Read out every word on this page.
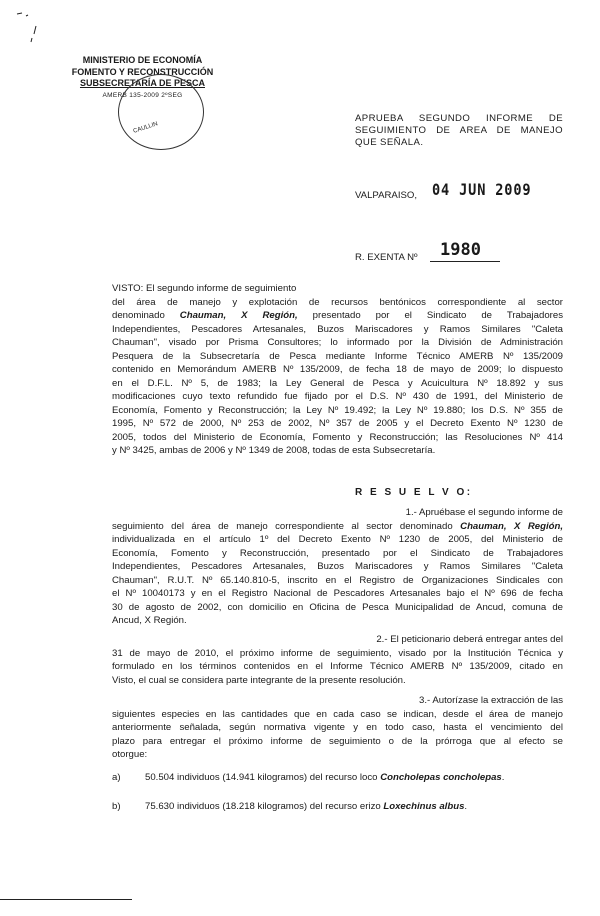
MINISTERIO DE ECONOMÍA
FOMENTO Y RECONSTRUCCIÓN
SUBSECRETARÍA DE PESCA
AMERB 135-2009 2ºSEG
CAULLIN
APRUEBA SEGUNDO INFORME DE
SEGUIMIENTO DE AREA DE MANEJO
QUE SEÑALA.
VALPARAISO, 04 JUN 2009
R. EXENTA Nº 1980
VISTO: El segundo informe de seguimiento
del área de manejo y explotación de recursos bentónicos correspondiente al sector
denominado Chauman, X Región, presentado por el Sindicato de Trabajadores
Independientes, Pescadores Artesanales, Buzos Mariscadores y Ramos Similares "Caleta
Chauman", visado por Prisma Consultores; lo informado por la División de Administración
Pesquera de la Subsecretaría de Pesca mediante Informe Técnico AMERB Nº 135/2009
contenido en Memorándum AMERB Nº 135/2009, de fecha 18 de mayo de 2009; lo dispuesto
en el D.F.L. Nº 5, de 1983; la Ley General de Pesca y Acuicultura Nº 18.892 y sus
modificaciones cuyo texto refundido fue fijado por el D.S. Nº 430 de 1991, del Ministerio de
Economía, Fomento y Reconstrucción; la Ley Nº 19.492; la Ley Nº 19.880; los D.S. Nº 355 de
1995, Nº 572 de 2000, Nº 253 de 2002, Nº 357 de 2005 y el Decreto Exento Nº 1230 de
2005, todos del Ministerio de Economía, Fomento y Reconstrucción; las Resoluciones Nº 414
y Nº 3425, ambas de 2006 y Nº 1349 de 2008, todas de esta Subsecretaría.
R E S U E L V O:
1.- Apruébase el segundo informe de
seguimiento del área de manejo correspondiente al sector denominado Chauman, X Región,
individualizada en el artículo 1º del Decreto Exento Nº 1230 de 2005, del Ministerio de
Economía, Fomento y Reconstrucción, presentado por el Sindicato de Trabajadores
Independientes, Pescadores Artesanales, Buzos Mariscadores y Ramos Similares "Caleta
Chauman", R.U.T. Nº 65.140.810-5, inscrito en el Registro de Organizaciones Sindicales con
el Nº 10040173 y en el Registro Nacional de Pescadores Artesanales bajo el Nº 696 de fecha
30 de agosto de 2002, con domicilio en Oficina de Pesca Municipalidad de Ancud, comuna de
Ancud, X Región.
2.- El peticionario deberá entregar antes del
31 de mayo de 2010, el próximo informe de seguimiento, visado por la Institución Técnica y
formulado en los términos contenidos en el Informe Técnico AMERB Nº 135/2009, citado en
Visto, el cual se considera parte integrante de la presente resolución.
3.- Autorízase la extracción de las
siguientes especies en las cantidades que en cada caso se indican, desde el área de manejo
anteriormente señalada, según normativa vigente y en todo caso, hasta el vencimiento del
plazo para entregar el próximo informe de seguimiento o de la prórroga que al efecto se
otorgue:
a)	50.504 individuos (14.941 kilogramos) del recurso loco Concholepas concholepas.
b)	75.630 individuos (18.218 kilogramos) del recurso erizo Loxechinus albus.
